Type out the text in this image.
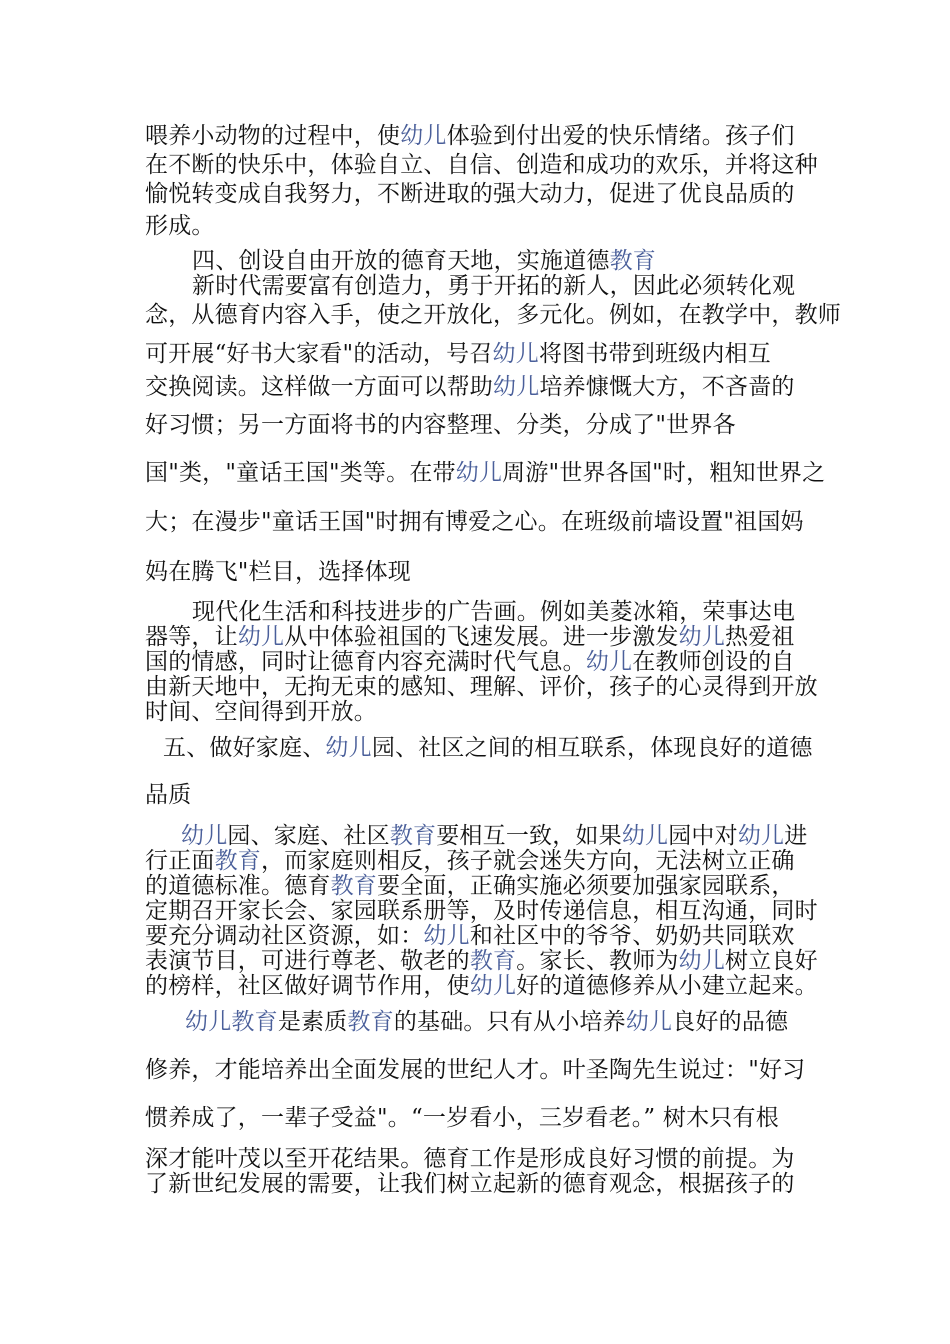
喂养小动物的过程中，使幼儿体验到付出爱的快乐情绪。孩子们
在不断的快乐中，体验自立、自信、创造和成功的欢乐，并将这种
愉悦转变成自我努力，不断进取的强大动力，促进了优良品质的
形成。
四、创设自由开放的德育天地，实施道德教育
新时代需要富有创造力，勇于开拓的新人，因此必须转化观
念，从德育内容入手，使之开放化，多元化。例如，在教学中，教师
可开展“好书大家看"的活动，号召幼儿将图书带到班级内相互
交换阅读。这样做一方面可以帮助幼儿培养慷慨大方，不吝啬的
好习惯；另一方面将书的内容整理、分类，分成了"世界各
国"类，"童话王国"类等。在带幼儿周游"世界各国"时，粗知世界之
大；在漫步"童话王国"时拥有博爱之心。在班级前墙设置"祖国妈
妈在腾飞"栏目，选择体现
现代化生活和科技进步的广告画。例如美菱冰箱，荣事达电
器等，让幼儿从中体验祖国的飞速发展。进一步激发幼儿热爱祖
国的情感，同时让德育内容充满时代气息。幼儿在教师创设的自
由新天地中，无拘无束的感知、理解、评价，孩子的心灵得到开放
时间、空间得到开放。
五、做好家庭、幼儿园、社区之间的相互联系，体现良好的道德
品质
幼儿园、家庭、社区教育要相互一致，如果幼儿园中对幼儿进
行正面教育，而家庭则相反，孩子就会迷失方向，无法树立正确
的道德标准。德育教育要全面，正确实施必须要加强家园联系，
定期召开家长会、家园联系册等，及时传递信息，相互沟通，同时
要充分调动社区资源，如：幼儿和社区中的爷爷、奶奶共同联欢
表演节目，可进行尊老、敬老的教育。家长、教师为幼儿树立良好
的榜样，社区做好调节作用，使幼儿好的道德修养从小建立起来。
幼儿教育是素质教育的基础。只有从小培养幼儿良好的品德
修养，才能培养出全面发展的世纪人才。叶圣陶先生说过："好习
惯养成了，一辈子受益"。“一岁看小，三岁看老。” 树木只有根
深才能叶茂以至开花结果。德育工作是形成良好习惯的前提。为
了新世纪发展的需要，让我们树立起新的德育观念，根据孩子的
